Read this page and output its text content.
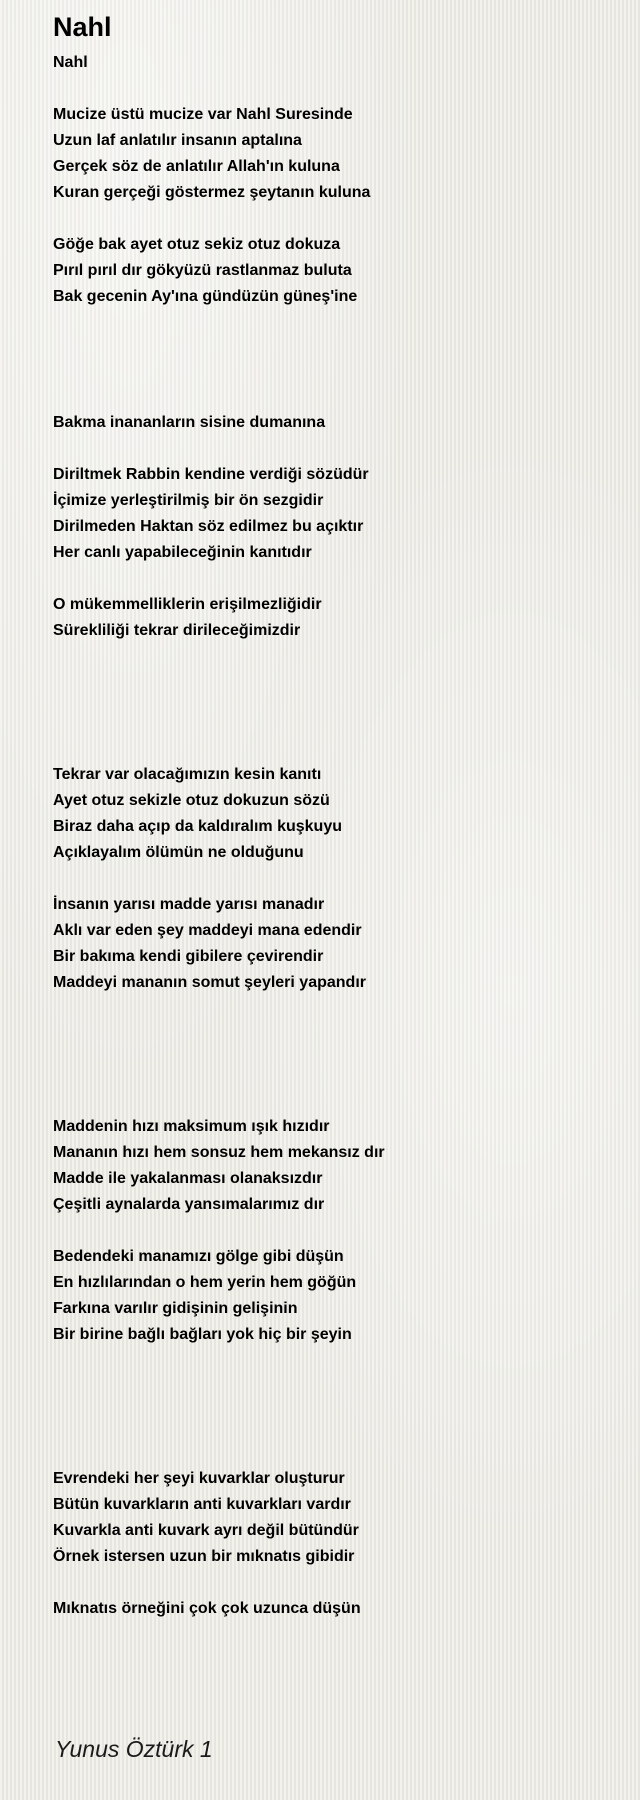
Nahl
Nahl
Mucize üstü mucize var Nahl Suresinde
Uzun laf anlatılır insanın aptalına
Gerçek söz de anlatılır Allah'ın kuluna
Kuran gerçeği göstermez şeytanın kuluna
Göğe bak ayet otuz sekiz otuz dokuza
Pırıl pırıl dır gökyüzü rastlanmaz buluta
Bak gecenin Ay'ına gündüzün güneş'ine
Bakma inananların sisine dumanına
Diriltmek Rabbin kendine verdiği sözüdür
İçimize yerleştirilmiş bir ön sezgidir
Dirilmeden Haktan söz edilmez bu açıktır
Her canlı yapabileceğinin kanıtıdır
O mükemmelliklerin erişilmezliğidir
Sürekliliği tekrar dirileceğimizdir
Tekrar var olacağımızın kesin kanıtı
Ayet otuz sekizle otuz dokuzun sözü
Biraz daha açıp da kaldıralım kuşkuyu
Açıklayalım ölümün ne olduğunu
İnsanın yarısı madde yarısı manadır
Aklı var eden şey maddeyi mana edendir
Bir bakıma kendi gibilere çevirendir
Maddeyi mananın somut şeyleri yapandır
Maddenin hızı maksimum ışık hızıdır
Mananın hızı hem sonsuz hem mekansız dır
Madde ile yakalanması olanaksızdır
Çeşitli aynalarda yansımalarımız dır
Bedendeki manamızı gölge gibi düşün
En hızlılarından o hem yerin hem göğün
Farkına varılır gidişinin gelişinin
Bir birine bağlı bağları yok hiç bir şeyin
Evrendeki her şeyi kuvarklar oluşturur
Bütün kuvarkların anti kuvarkları vardır
Kuvarkla anti kuvark ayrı değil bütündür
Örnek istersen uzun bir mıknatıs gibidir
Mıknatıs örneğini çok çok uzunca düşün
Yunus Öztürk 1
